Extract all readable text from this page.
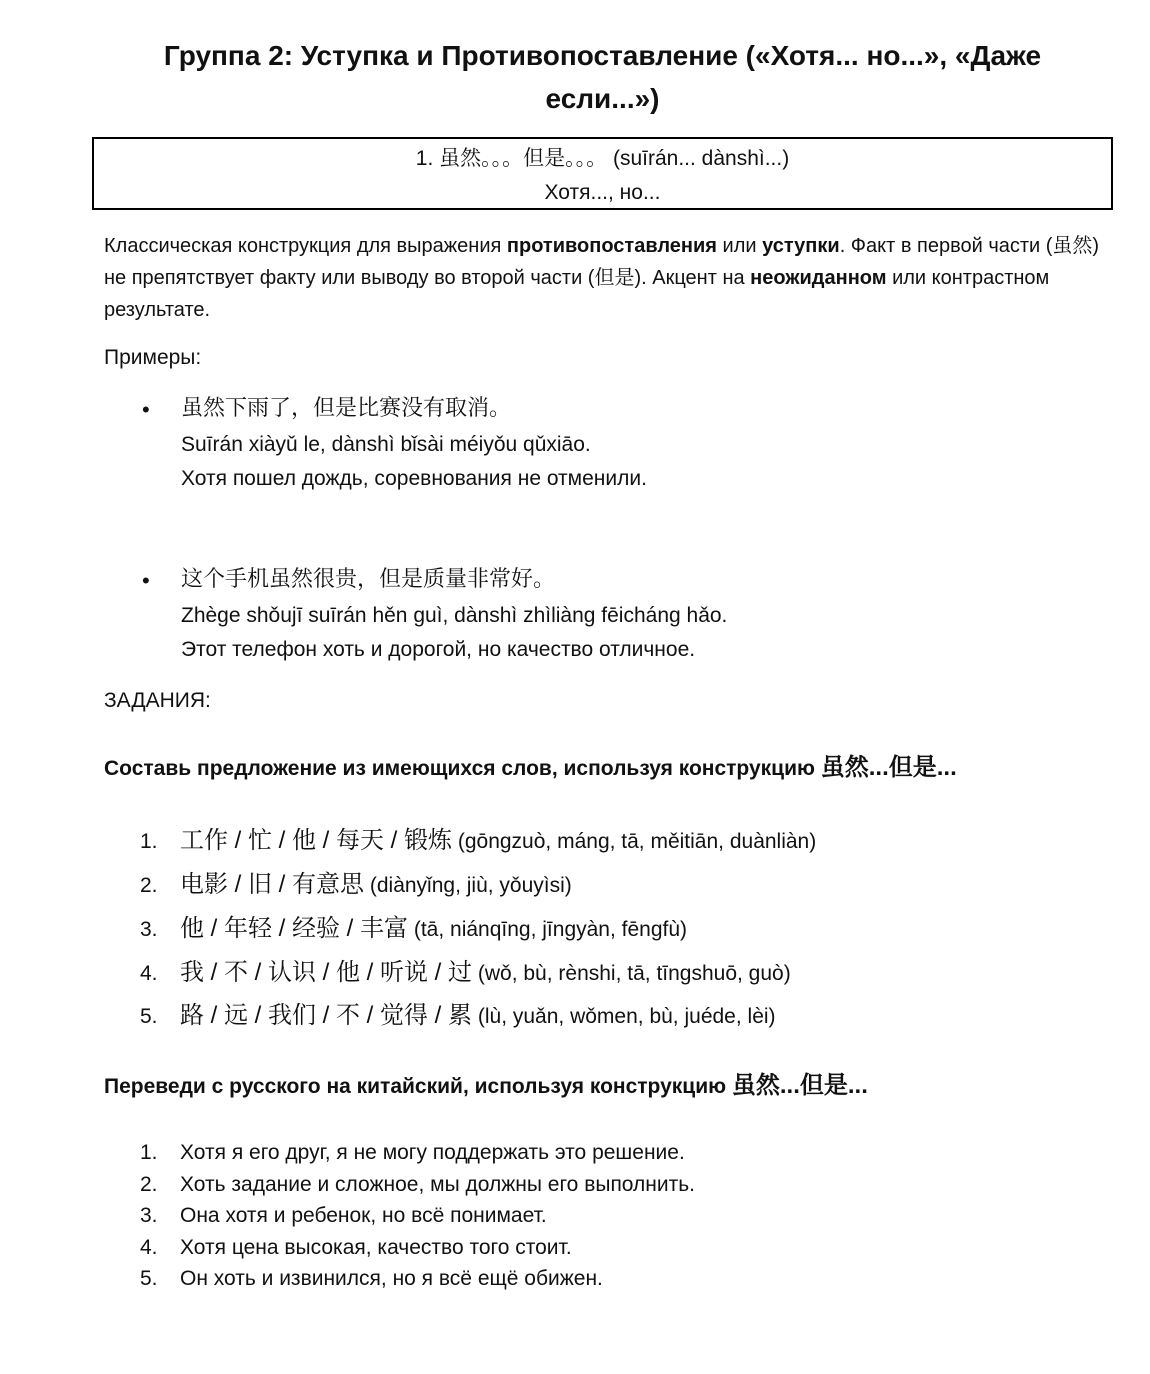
Группа 2: Уступка и Противопоставление («Хотя... но...», «Даже
если...»)
1. 虽然。。。但是。。。 (suīrán... dànshì...)
Хотя..., но...
Классическая конструкция для выражения противопоставления или уступки. Факт в первой части (虽然) не препятствует факту или выводу во второй части (但是). Акцент на неожиданном или контрастном результате.
Примеры:
• 虽然下雨了，但是比赛没有取消。
Suīrán xiàyǔ le, dànshì bǐsài méiyǒu qǔxiāo.
Хотя пошел дождь, соревнования не отменили.
• 这个手机虽然很贵，但是质量非常好。
Zhège shǒujī suīrán hěn guì, dànshì zhìliàng fēicháng hǎo.
Этот телефон хоть и дорогой, но качество отличное.
ЗАДАНИЯ:
Составь предложение из имеющихся слов, используя конструкцию 虽然...但是...
1. 工作 / 忙 / 他 / 每天 / 锻炼 (gōngzuò, máng, tā, měitiān, duànliàn)
2. 电影 / 旧 / 有意思 (diànyǐng, jiù, yǒuyìsi)
3. 他 / 年轻 / 经验 / 丰富 (tā, niánqīng, jīngyàn, fēngfù)
4. 我 / 不 / 认识 / 他 / 听说 / 过 (wǒ, bù, rènshi, tā, tīngshuō, guò)
5. 路 / 远 / 我们 / 不 / 觉得 / 累 (lù, yuǎn, wǒmen, bù, juéde, lèi)
Переведи с русского на китайский, используя конструкцию 虽然...但是...
1. Хотя я его друг, я не могу поддержать это решение.
2. Хоть задание и сложное, мы должны его выполнить.
3. Она хотя и ребенок, но всё понимает.
4. Хотя цена высокая, качество того стоит.
5. Он хоть и извинился, но я всё ещё обижен.
